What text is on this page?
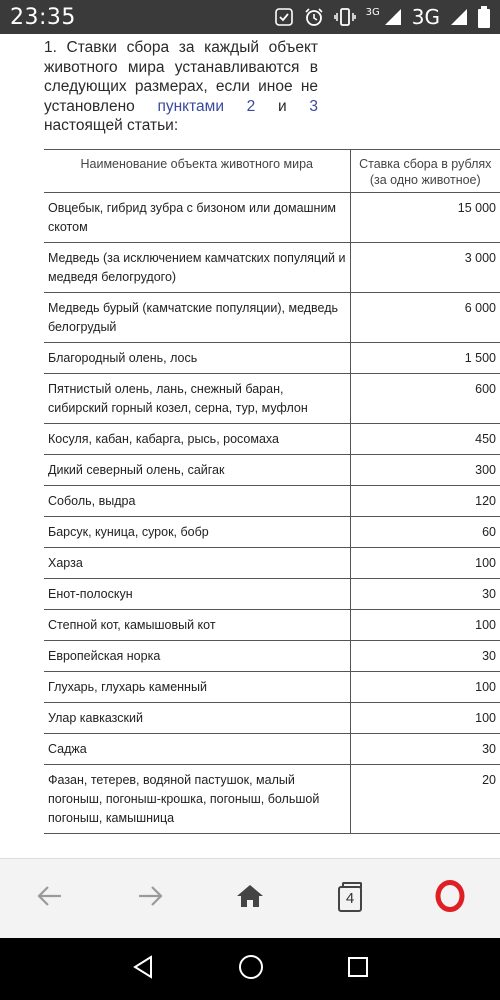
23:35	3G 3G

1. Ставки сбора за каждый объект животного мира устанавливаются в следующих размерах, если иное не установлено пунктами 2 и 3 настоящей статьи:

Наименование объекта животного мира	Ставка сбора в рублях (за одно животное)
Овцебык, гибрид зубра с бизоном или домашним скотом	15 000
Медведь (за исключением камчатских популяций и медведя белогрудого)	3 000
Медведь бурый (камчатские популяции), медведь белогрудый	6 000
Благородный олень, лось	1 500
Пятнистый олень, лань, снежный баран, сибирский горный козел, серна, тур, муфлон	600
Косуля, кабан, кабарга, рысь, росомаха	450
Дикий северный олень, сайгак	300
Соболь, выдра	120
Барсук, куница, сурок, бобр	60
Харза	100
Енот-полоскун	30
Степной кот, камышовый кот	100
Европейская норка	30
Глухарь, глухарь каменный	100
Улар кавказский	100
Саджа	30
Фазан, тетерев, водяной пастушок, малый погоныш, погоныш-крошка, погоныш, большой погоныш, камышница	20
4
